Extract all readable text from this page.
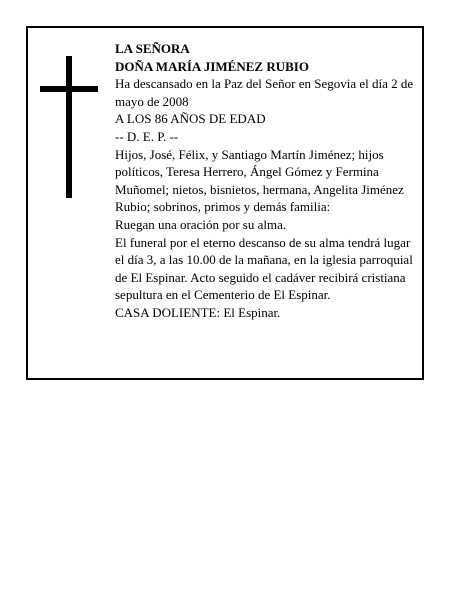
LA SEÑORA

DOÑA MARÍA JIMÉNEZ RUBIO

Ha descansado en la Paz del Señor en Segovia el día 2 de mayo de 2008

A LOS 86 AÑOS DE EDAD

-- D. E. P. --

Hijos, José, Félix, y Santiago Martín Jiménez; hijos políticos, Teresa Herrero, Ángel Gómez y Fermina Muñomel; nietos, bisnietos, hermana, Angelita Jiménez Rubio; sobrinos, primos y demás familia:

Ruegan una oración por su alma.

El funeral por el eterno descanso de su alma tendrá lugar el día 3, a las 10.00 de la mañana, en la iglesia parroquial de El Espinar. Acto seguido el cadáver recibirá cristiana sepultura en el Cementerio de El Espinar.

CASA DOLIENTE: El Espinar.
